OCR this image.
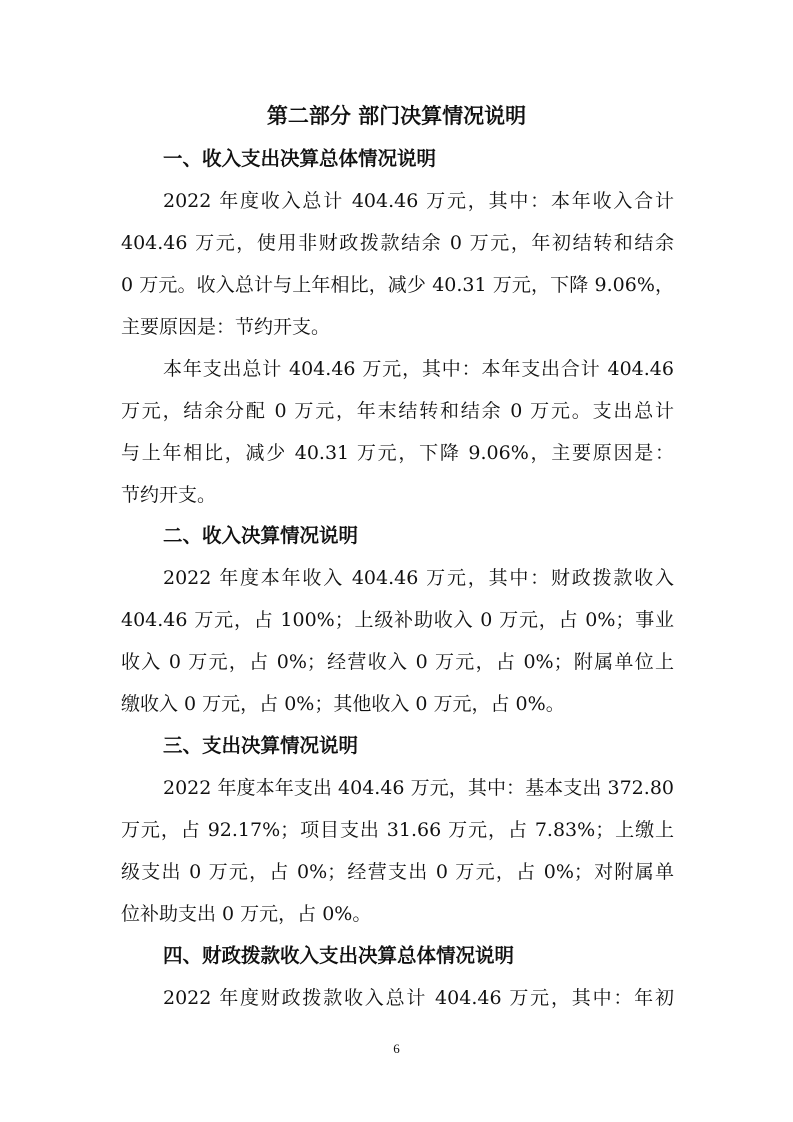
第二部分 部门决算情况说明
一、收入支出决算总体情况说明
2022 年度收入总计 404.46 万元，其中：本年收入合计
404.46 万元，使用非财政拨款结余 0 万元，年初结转和结余
0 万元。收入总计与上年相比，减少 40.31 万元，下降 9.06%，
主要原因是：节约开支。
本年支出总计 404.46 万元，其中：本年支出合计 404.46
万元，结余分配 0 万元，年末结转和结余 0 万元。支出总计
与上年相比，减少 40.31 万元，下降 9.06%，主要原因是：
节约开支。
二、收入决算情况说明
2022 年度本年收入 404.46 万元，其中：财政拨款收入
404.46 万元，占 100%；上级补助收入 0 万元，占 0%；事业
收入 0 万元，占 0%；经营收入 0 万元，占 0%；附属单位上
缴收入 0 万元，占 0%；其他收入 0 万元，占 0%。
三、支出决算情况说明
2022 年度本年支出 404.46 万元，其中：基本支出 372.80
万元，占 92.17%；项目支出 31.66 万元，占 7.83%；上缴上
级支出 0 万元，占 0%；经营支出 0 万元，占 0%；对附属单
位补助支出 0 万元，占 0%。
四、财政拨款收入支出决算总体情况说明
2022 年度财政拨款收入总计 404.46 万元，其中：年初
6
